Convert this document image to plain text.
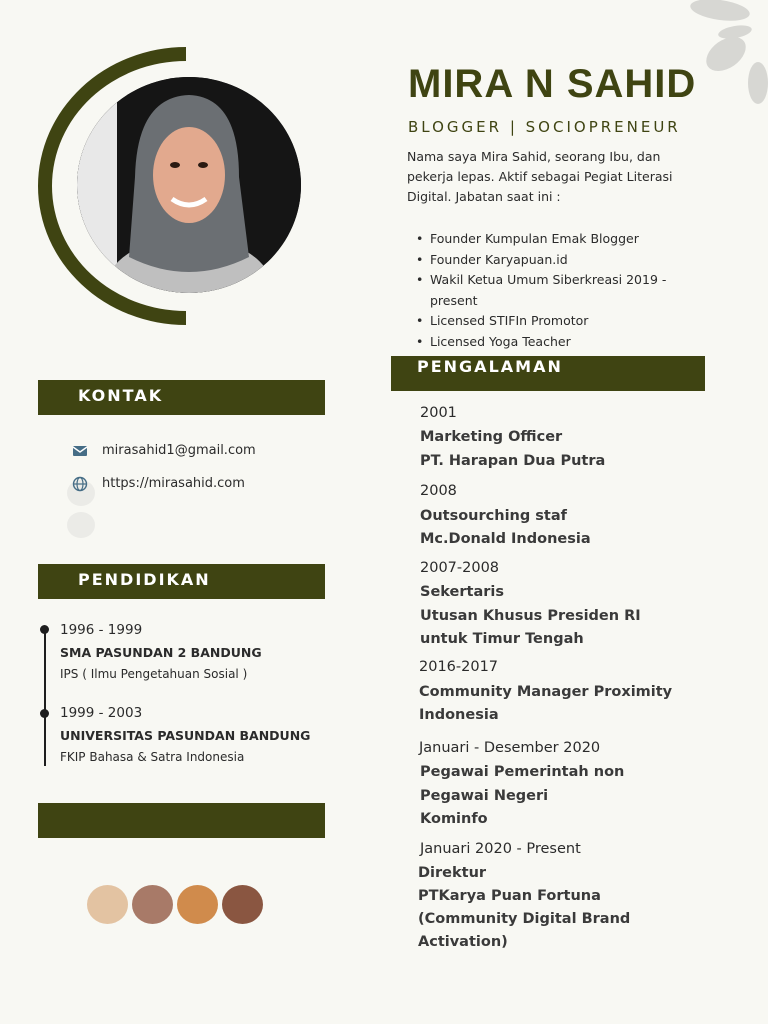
MIRA N SAHID
BLOGGER | SOCIOPRENEUR
Nama saya Mira Sahid, seorang Ibu, dan pekerja lepas. Aktif sebagai Pegiat Literasi Digital. Jabatan saat ini :
• Founder Kumpulan Emak Blogger
• Founder Karyapuan.id
• Wakil Ketua Umum Siberkreasi 2019 - present
• Licensed STIFIn Promotor
• Licensed Yoga Teacher
KONTAK
mirasahid1@gmail.com
https://mirasahid.com
PENDIDIKAN
1996 - 1999
SMA PASUNDAN 2 BANDUNG
IPS ( Ilmu Pengetahuan Sosial )
1999 - 2003
UNIVERSITAS PASUNDAN BANDUNG
FKIP Bahasa & Satra Indonesia
PENGALAMAN
2001
Marketing Officer
PT. Harapan Dua Putra
2008
Outsourching staf
Mc.Donald Indonesia
2007-2008
Sekertaris
Utusan Khusus Presiden RI
untuk Timur Tengah
2016-2017
Community Manager Proximity
Indonesia
Januari - Desember 2020
Pegawai Pemerintah non
Pegawai Negeri
Kominfo
Januari 2020 - Present
Direktur
PTKarya Puan Fortuna
(Community Digital Brand
Activation)
